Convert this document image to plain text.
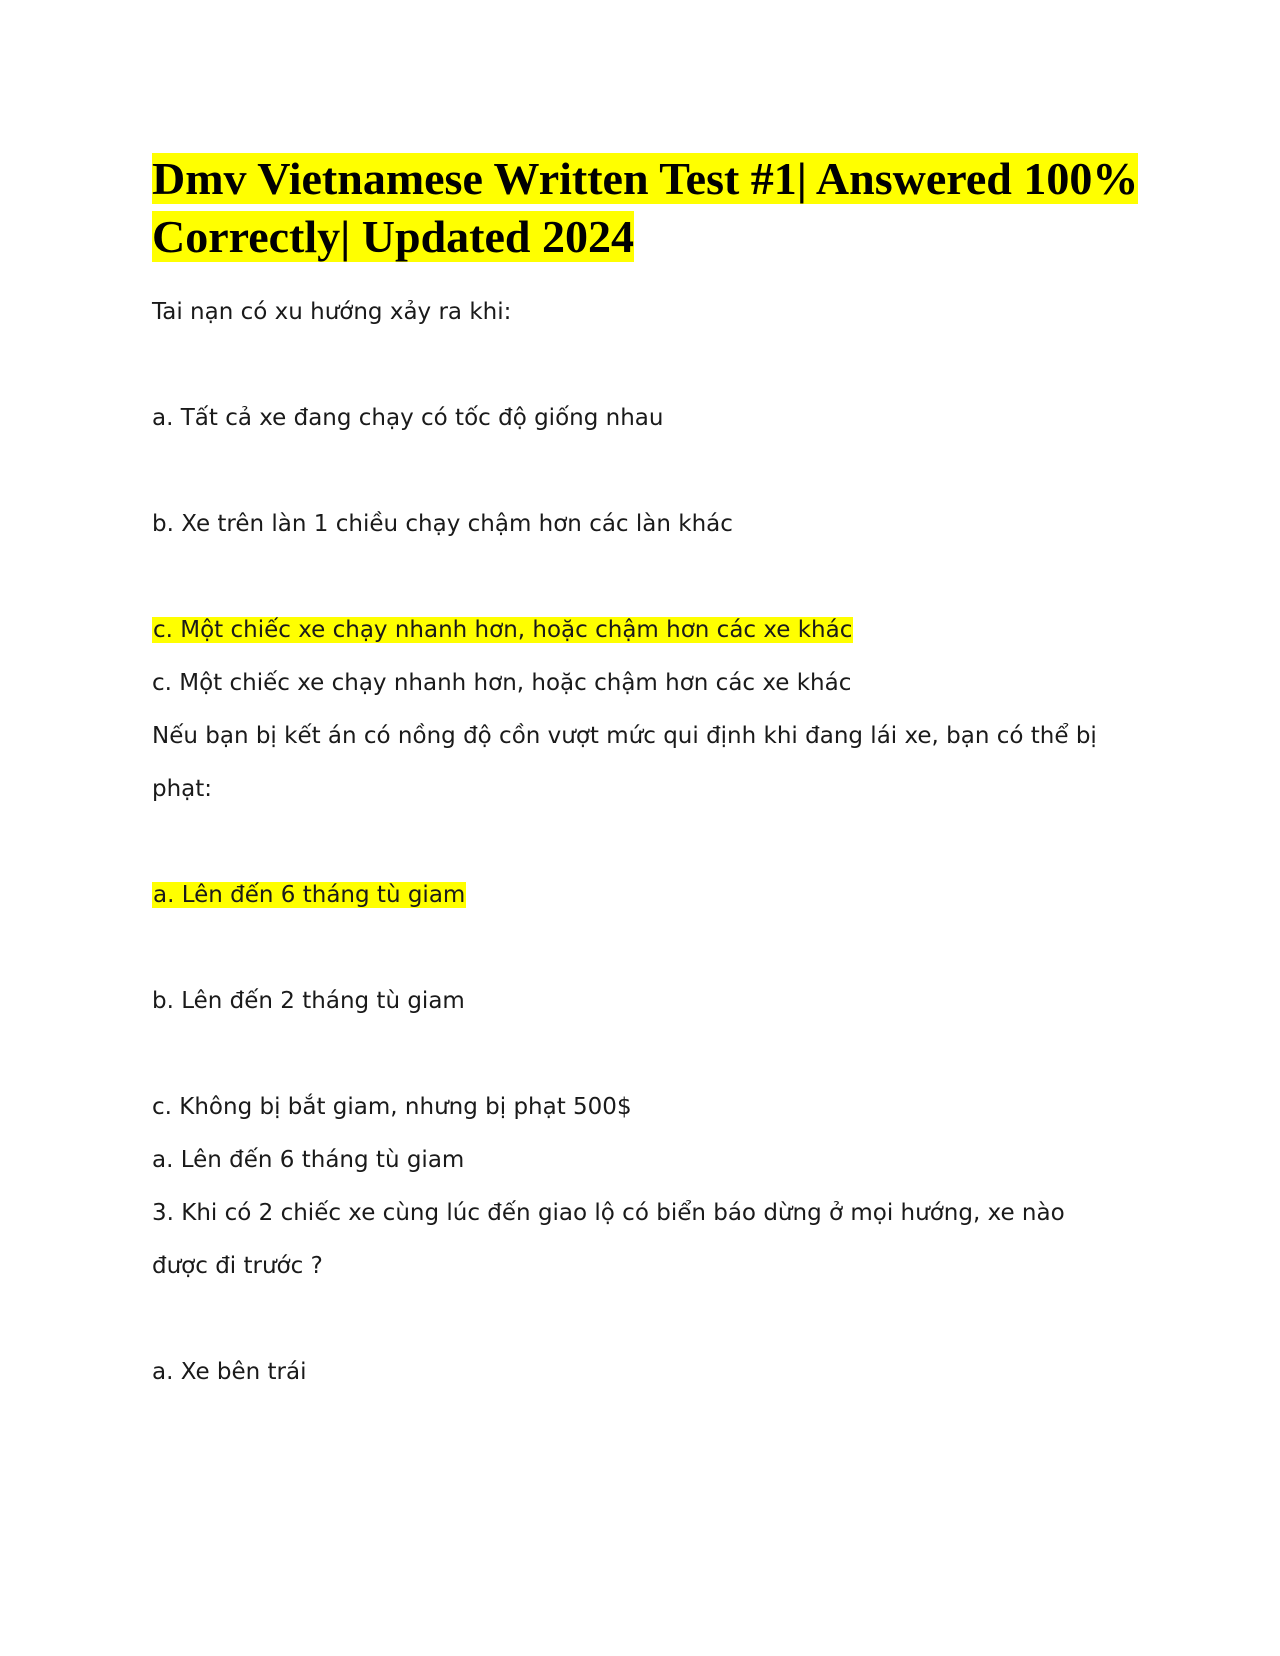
Dmv Vietnamese Written Test #1| Answered 100% Correctly| Updated 2024

Tai nạn có xu hướng xảy ra khi:

a. Tất cả xe đang chạy có tốc độ giống nhau

b. Xe trên làn 1 chiều chạy chậm hơn các làn khác

c. Một chiếc xe chạy nhanh hơn, hoặc chậm hơn các xe khác

c. Một chiếc xe chạy nhanh hơn, hoặc chậm hơn các xe khác

Nếu bạn bị kết án có nồng độ cồn vượt mức qui định khi đang lái xe, bạn có thể bị

phạt:

a. Lên đến 6 tháng tù giam

b. Lên đến 2 tháng tù giam

c. Không bị bắt giam, nhưng bị phạt 500$

a. Lên đến 6 tháng tù giam

3. Khi có 2 chiếc xe cùng lúc đến giao lộ có biển báo dừng ở mọi hướng, xe nào

được đi trước ?

a. Xe bên trái
